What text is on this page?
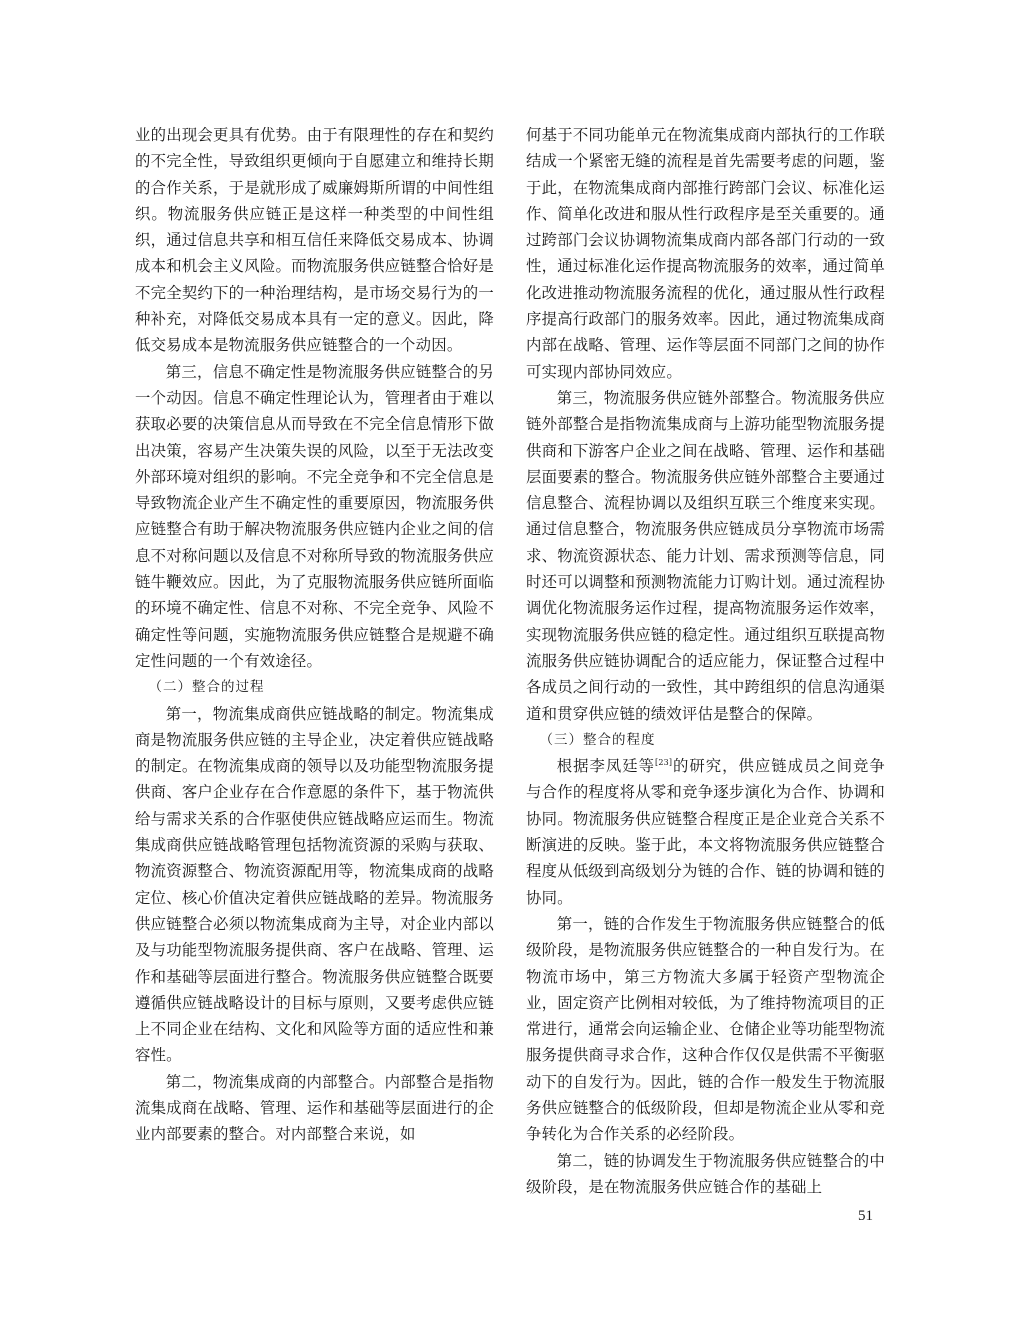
业的出现会更具有优势。由于有限理性的存在和契约的不完全性，导致组织更倾向于自愿建立和维持长期的合作关系，于是就形成了威廉姆斯所谓的中间性组织。物流服务供应链正是这样一种类型的中间性组织，通过信息共享和相互信任来降低交易成本、协调成本和机会主义风险。而物流服务供应链整合恰好是不完全契约下的一种治理结构，是市场交易行为的一种补充，对降低交易成本具有一定的意义。因此，降低交易成本是物流服务供应链整合的一个动因。

第三，信息不确定性是物流服务供应链整合的另一个动因。信息不确定性理论认为，管理者由于难以获取必要的决策信息从而导致在不完全信息情形下做出决策，容易产生决策失误的风险，以至于无法改变外部环境对组织的影响。不完全竞争和不完全信息是导致物流企业产生不确定性的重要原因，物流服务供应链整合有助于解决物流服务供应链内企业之间的信息不对称问题以及信息不对称所导致的物流服务供应链牛鞭效应。因此，为了克服物流服务供应链所面临的环境不确定性、信息不对称、不完全竞争、风险不确定性等问题，实施物流服务供应链整合是规避不确定性问题的一个有效途径。

（二）整合的过程

第一，物流集成商供应链战略的制定。物流集成商是物流服务供应链的主导企业，决定着供应链战略的制定。在物流集成商的领导以及功能型物流服务提供商、客户企业存在合作意愿的条件下，基于物流供给与需求关系的合作驱使供应链战略应运而生。物流集成商供应链战略管理包括物流资源的采购与获取、物流资源整合、物流资源配用等，物流集成商的战略定位、核心价值决定着供应链战略的差异。物流服务供应链整合必须以物流集成商为主导，对企业内部以及与功能型物流服务提供商、客户在战略、管理、运作和基础等层面进行整合。物流服务供应链整合既要遵循供应链战略设计的目标与原则，又要考虑供应链上不同企业在结构、文化和风险等方面的适应性和兼容性。

第二，物流集成商的内部整合。内部整合是指物流集成商在战略、管理、运作和基础等层面进行的企业内部要素的整合。对内部整合来说，如

何基于不同功能单元在物流集成商内部执行的工作联结成一个紧密无缝的流程是首先需要考虑的问题，鉴于此，在物流集成商内部推行跨部门会议、标准化运作、简单化改进和服从性行政程序是至关重要的。通过跨部门会议协调物流集成商内部各部门行动的一致性，通过标准化运作提高物流服务的效率，通过简单化改进推动物流服务流程的优化，通过服从性行政程序提高行政部门的服务效率。因此，通过物流集成商内部在战略、管理、运作等层面不同部门之间的协作可实现内部协同效应。

第三，物流服务供应链外部整合。物流服务供应链外部整合是指物流集成商与上游功能型物流服务提供商和下游客户企业之间在战略、管理、运作和基础层面要素的整合。物流服务供应链外部整合主要通过信息整合、流程协调以及组织互联三个维度来实现。通过信息整合，物流服务供应链成员分享物流市场需求、物流资源状态、能力计划、需求预测等信息，同时还可以调整和预测物流能力订购计划。通过流程协调优化物流服务运作过程，提高物流服务运作效率，实现物流服务供应链的稳定性。通过组织互联提高物流服务供应链协调配合的适应能力，保证整合过程中各成员之间行动的一致性，其中跨组织的信息沟通渠道和贯穿供应链的绩效评估是整合的保障。

（三）整合的程度

根据李凤廷等[23]的研究，供应链成员之间竞争与合作的程度将从零和竞争逐步演化为合作、协调和协同。物流服务供应链整合程度正是企业竞合关系不断演进的反映。鉴于此，本文将物流服务供应链整合程度从低级到高级划分为链的合作、链的协调和链的协同。

第一，链的合作发生于物流服务供应链整合的低级阶段，是物流服务供应链整合的一种自发行为。在物流市场中，第三方物流大多属于轻资产型物流企业，固定资产比例相对较低，为了维持物流项目的正常进行，通常会向运输企业、仓储企业等功能型物流服务提供商寻求合作，这种合作仅仅是供需不平衡驱动下的自发行为。因此，链的合作一般发生于物流服务供应链整合的低级阶段，但却是物流企业从零和竞争转化为合作关系的必经阶段。

第二，链的协调发生于物流服务供应链整合的中级阶段，是在物流服务供应链合作的基础上

51
